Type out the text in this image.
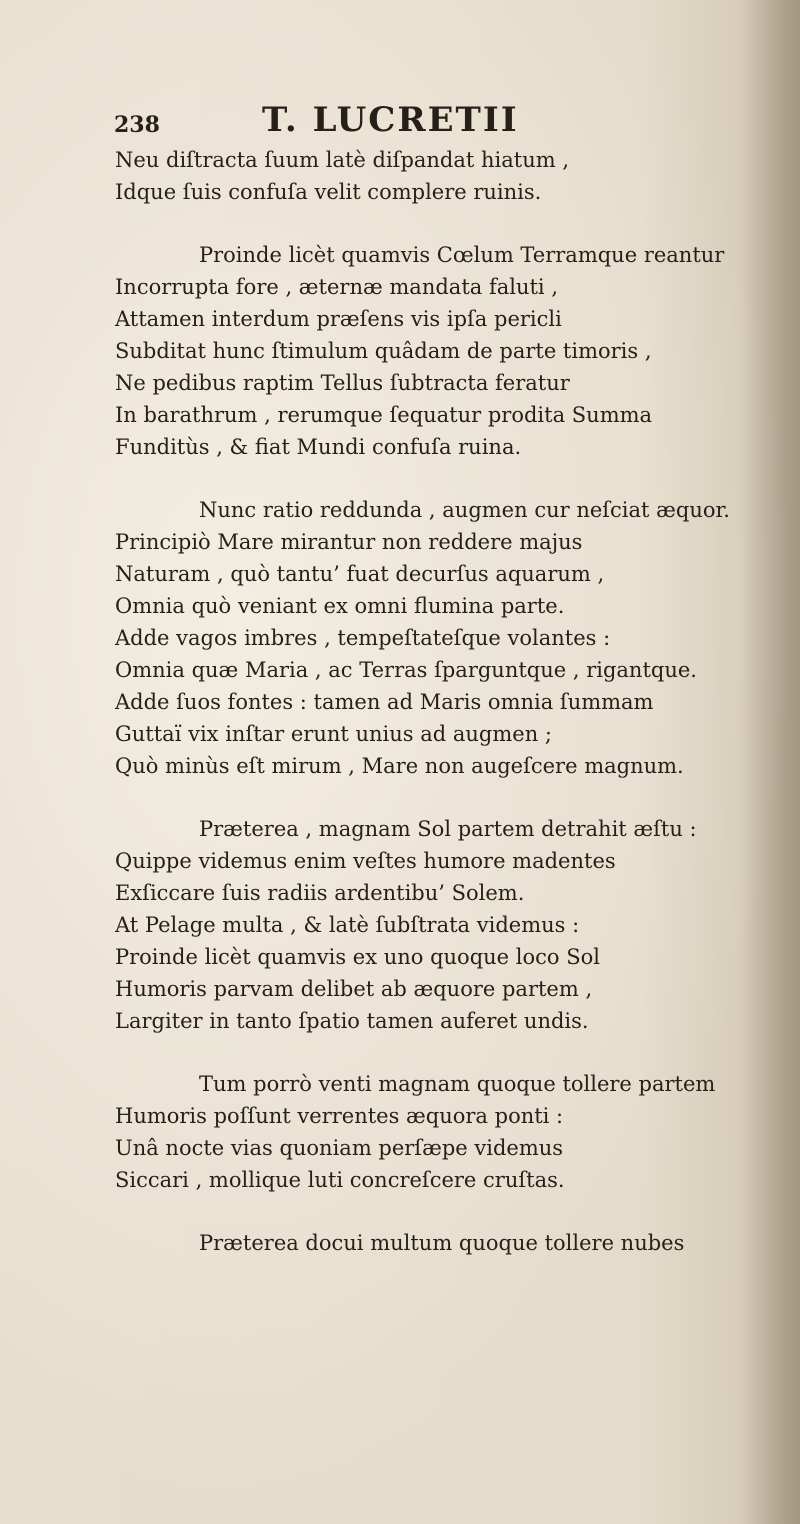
238	T. LUCRETII
Neu diſtracta ſuum latè diſpandat hiatum ,
Idque ſuis confuſa velit complere ruinis.
Proinde licèt quamvis Cœlum Terramque reantur
Incorrupta fore , æternæ mandata faluti ,
Attamen interdum præſens vis ipſa pericli
Subditat hunc ſtimulum quâdam de parte timoris ,
Ne pedibus raptim Tellus ſubtracta feratur
In barathrum , rerumque ſequatur prodita Summa
Funditùs , & fiat Mundi confuſa ruina.
Nunc ratio reddunda , augmen cur neſciat æquor.
Principiò Mare mirantur non reddere majus
Naturam , quò tantu’ fuat decurſus aquarum ,
Omnia quò veniant ex omni flumina parte.
Adde vagos imbres , tempeſtateſque volantes :
Omnia quæ Maria , ac Terras ſparguntque , rigantque.
Adde ſuos fontes : tamen ad Maris omnia ſummam
Guttaï vix inſtar erunt unius ad augmen ;
Quò minùs eſt mirum , Mare non augeſcere magnum.
Præterea , magnam Sol partem detrahit æſtu :
Quippe videmus enim veſtes humore madentes
Exſiccare ſuis radiis ardentibu’ Solem.
At Pelage multa , & latè ſubſtrata videmus :
Proinde licèt quamvis ex uno quoque loco Sol
Humoris parvam delibet ab æquore partem ,
Largiter in tanto ſpatio tamen auferet undis.
Tum porrò venti magnam quoque tollere partem
Humoris poſſunt verrentes æquora ponti :
Unâ nocte vias quoniam perſæpe videmus
Siccari , mollique luti concreſcere cruſtas.
Præterea docui multum quoque tollere nubes
